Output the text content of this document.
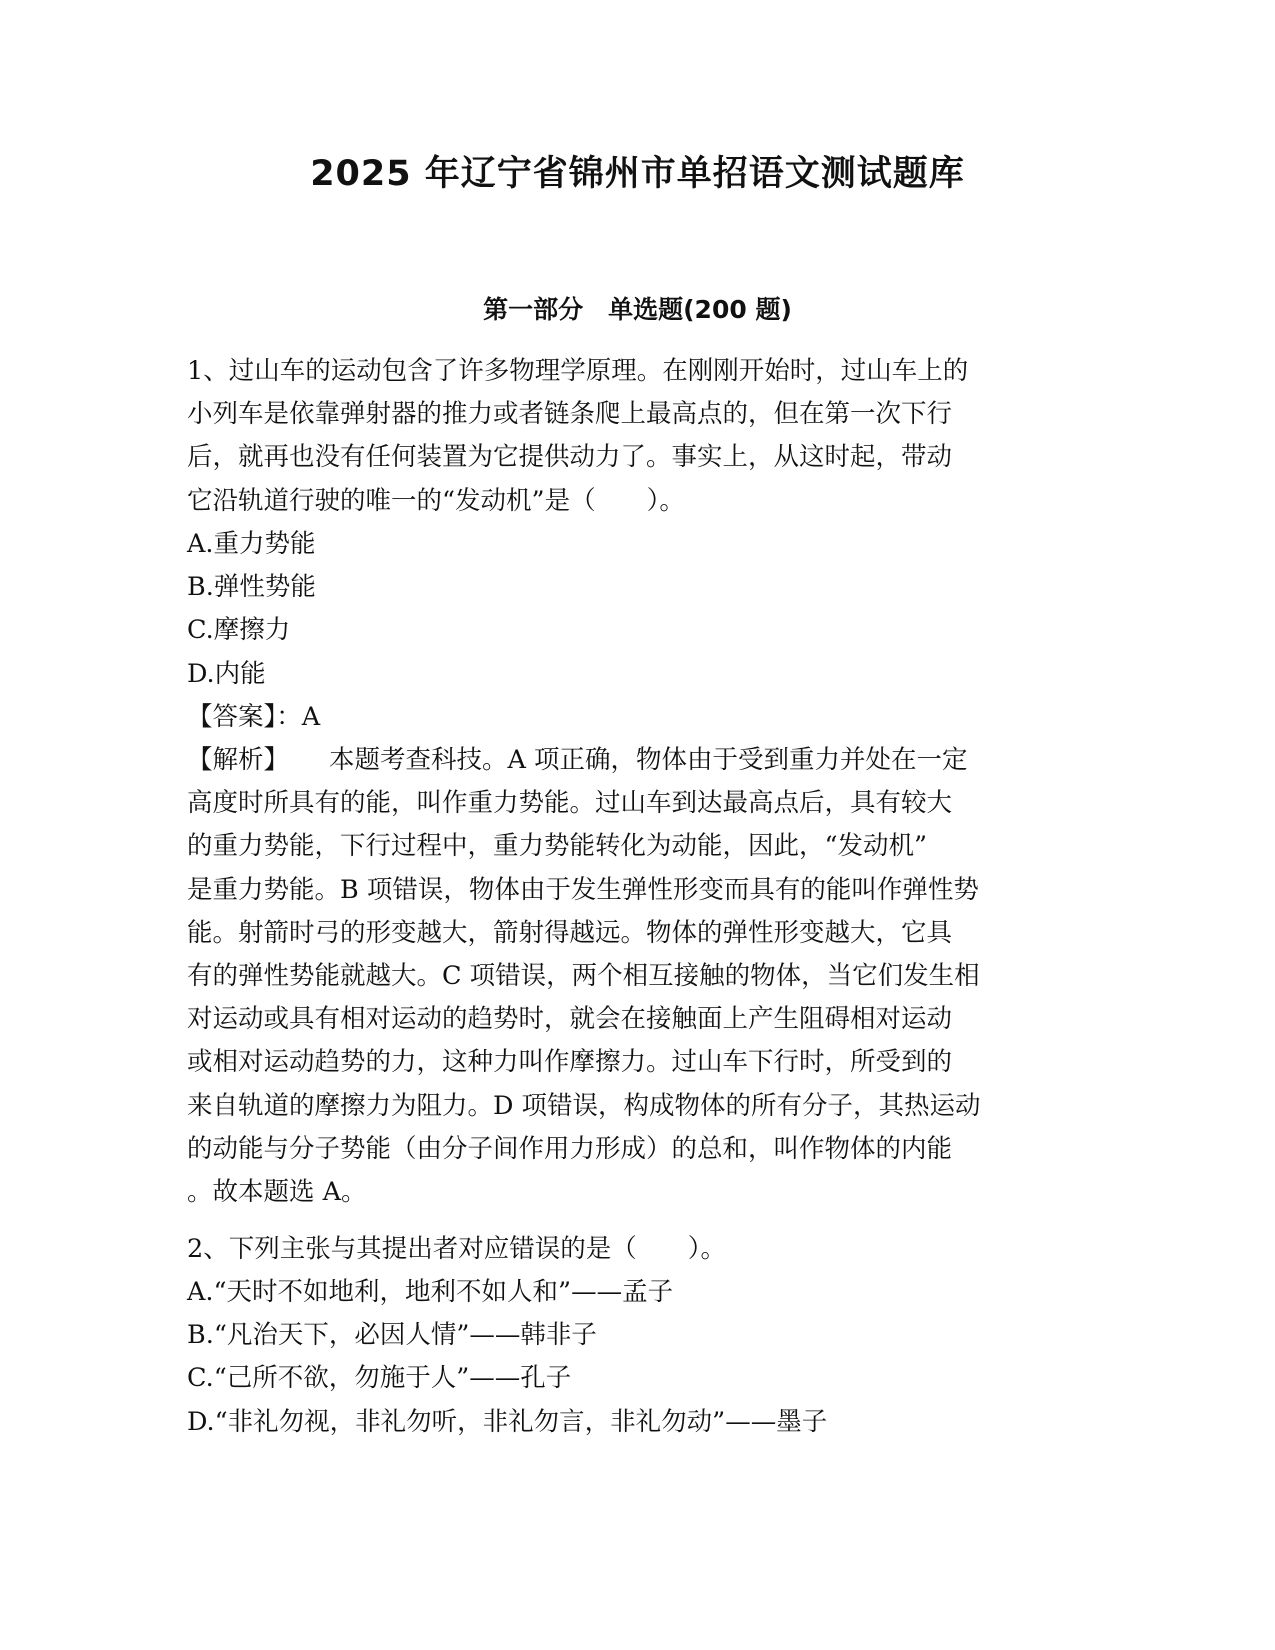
2025 年辽宁省锦州市单招语文测试题库
第一部分　单选题(200 题)
1、过山车的运动包含了许多物理学原理。在刚刚开始时，过山车上的
小列车是依靠弹射器的推力或者链条爬上最高点的，但在第一次下行
后，就再也没有任何装置为它提供动力了。事实上，从这时起，带动
它沿轨道行驶的唯一的“发动机”是（　　）。
A.重力势能
B.弹性势能
C.摩擦力
D.内能
【答案】：A
【解析】 本题考查科技。A 项正确，物体由于受到重力并处在一定
高度时所具有的能，叫作重力势能。过山车到达最高点后，具有较大
的重力势能，下行过程中，重力势能转化为动能，因此，“发动机”
是重力势能。B 项错误，物体由于发生弹性形变而具有的能叫作弹性势
能。射箭时弓的形变越大，箭射得越远。物体的弹性形变越大，它具
有的弹性势能就越大。C 项错误，两个相互接触的物体，当它们发生相
对运动或具有相对运动的趋势时，就会在接触面上产生阻碍相对运动
或相对运动趋势的力，这种力叫作摩擦力。过山车下行时，所受到的
来自轨道的摩擦力为阻力。D 项错误，构成物体的所有分子，其热运动
的动能与分子势能（由分子间作用力形成）的总和，叫作物体的内能
。故本题选 A。
2、下列主张与其提出者对应错误的是（　　）。
A.“天时不如地利，地利不如人和”——孟子
B.“凡治天下，必因人情”——韩非子
C.“己所不欲，勿施于人”——孔子
D.“非礼勿视，非礼勿听，非礼勿言，非礼勿动”——墨子
